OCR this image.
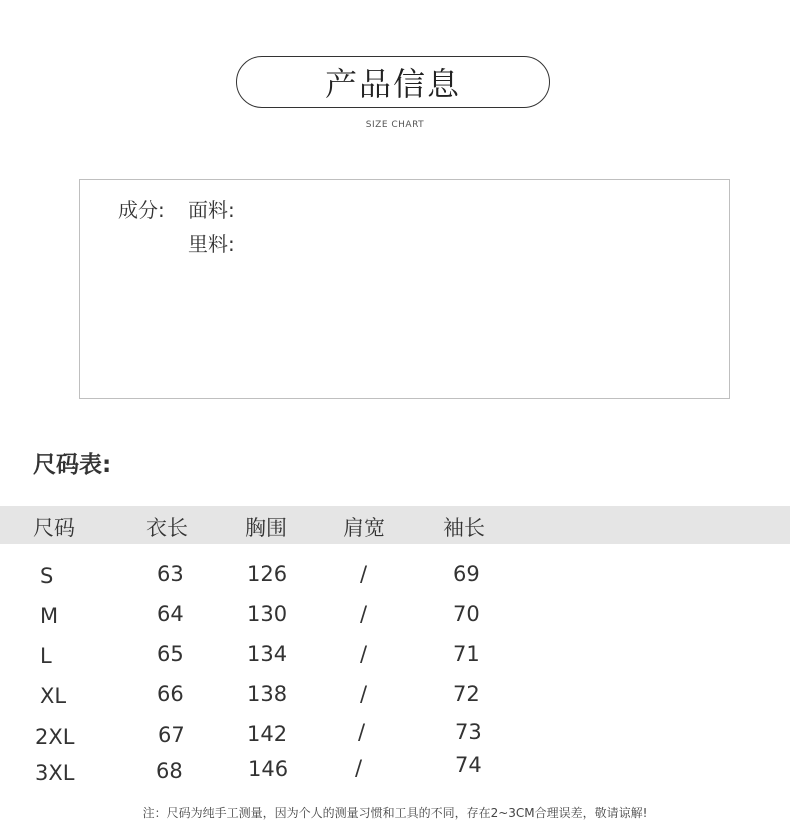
产品信息
SIZE CHART
成分: 面料:
里料:
尺码表:
尺码	衣长	胸围	肩宽	袖长
S	63	126	/	69
M	64	130	/	70
L	65	134	/	71
XL	66	138	/	72
2XL	67	142	/	73
3XL	68	146	/	74
注：尺码为纯手工测量，因为个人的测量习惯和工具的不同，存在2~3CM合理误差，敬请谅解!
